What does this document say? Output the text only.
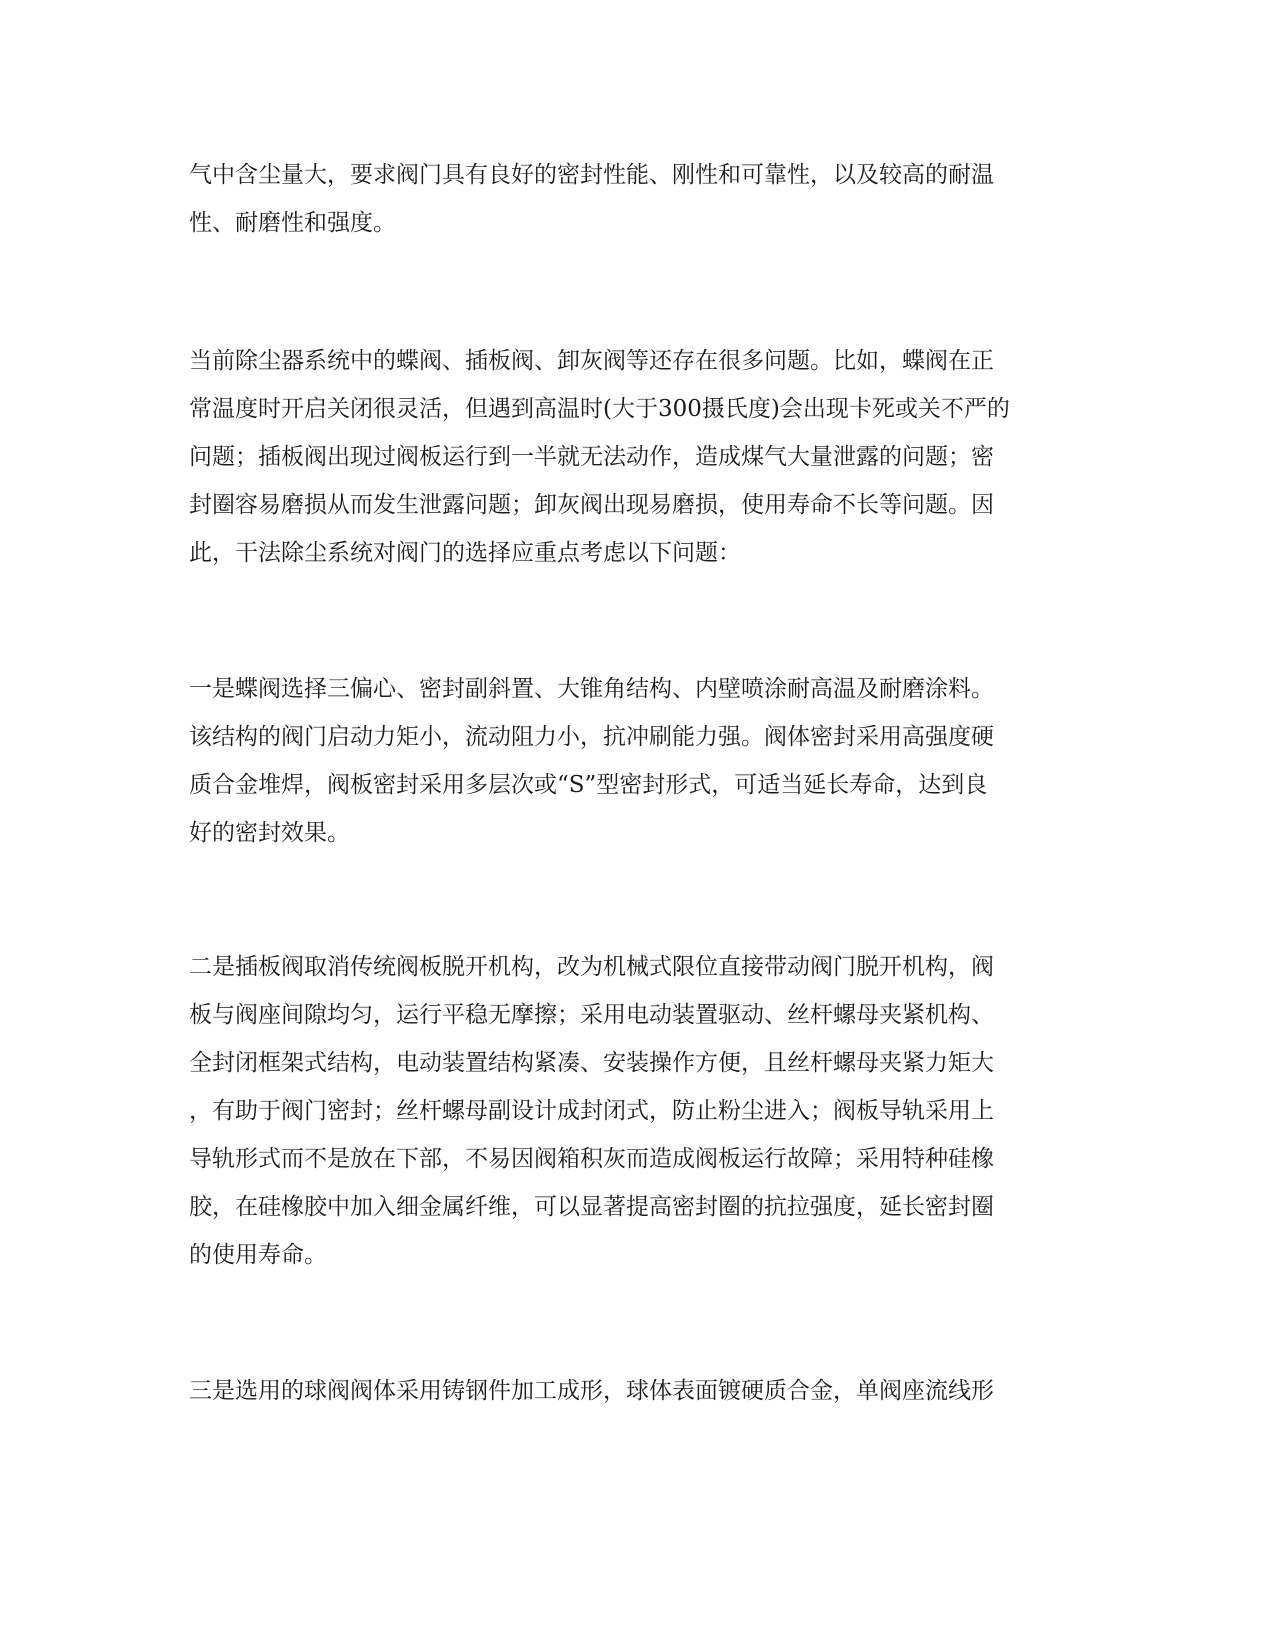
气中含尘量大，要求阀门具有良好的密封性能、刚性和可靠性，以及较高的耐温
性、耐磨性和强度。
当前除尘器系统中的蝶阀、插板阀、卸灰阀等还存在很多问题。比如，蝶阀在正
常温度时开启关闭很灵活，但遇到高温时(大于300摄氏度)会出现卡死或关不严的
问题；插板阀出现过阀板运行到一半就无法动作，造成煤气大量泄露的问题；密
封圈容易磨损从而发生泄露问题；卸灰阀出现易磨损，使用寿命不长等问题。因
此，干法除尘系统对阀门的选择应重点考虑以下问题：
一是蝶阀选择三偏心、密封副斜置、大锥角结构、内壁喷涂耐高温及耐磨涂料。
该结构的阀门启动力矩小，流动阻力小，抗冲刷能力强。阀体密封采用高强度硬
质合金堆焊，阀板密封采用多层次或“S”型密封形式，可适当延长寿命，达到良
好的密封效果。
二是插板阀取消传统阀板脱开机构，改为机械式限位直接带动阀门脱开机构，阀
板与阀座间隙均匀，运行平稳无摩擦；采用电动装置驱动、丝杆螺母夹紧机构、
全封闭框架式结构，电动装置结构紧凑、安装操作方便，且丝杆螺母夹紧力矩大
，有助于阀门密封；丝杆螺母副设计成封闭式，防止粉尘进入；阀板导轨采用上
导轨形式而不是放在下部，不易因阀箱积灰而造成阀板运行故障；采用特种硅橡
胶，在硅橡胶中加入细金属纤维，可以显著提高密封圈的抗拉强度，延长密封圈
的使用寿命。
三是选用的球阀阀体采用铸钢件加工成形，球体表面镀硬质合金，单阀座流线形
